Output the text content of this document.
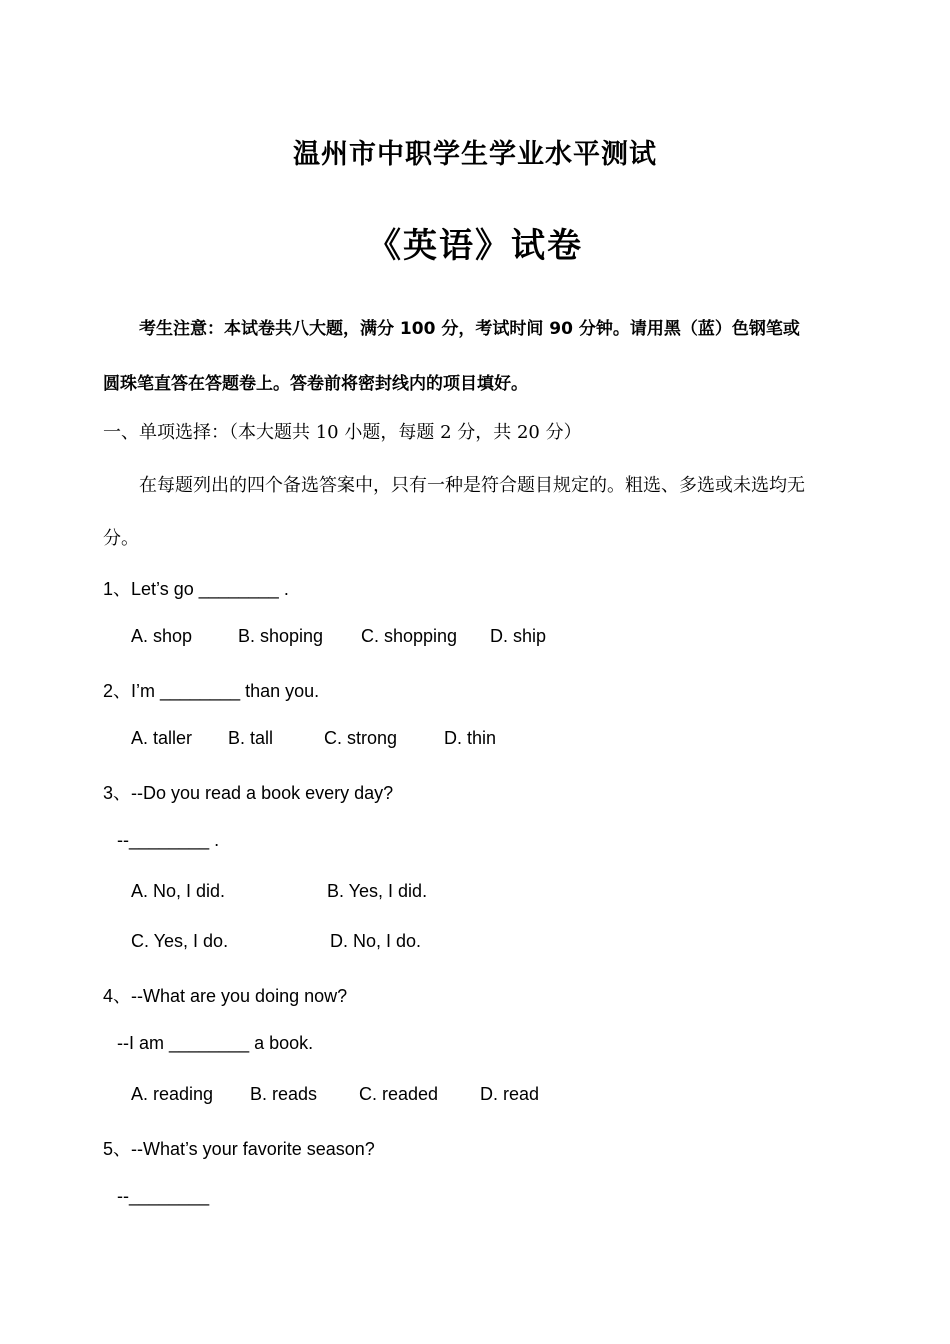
温州市中职学生学业水平测试
《英语》试卷
考生注意：本试卷共八大题，满分 100 分，考试时间 90 分钟。请用黑（蓝）色钢笔或
圆珠笔直答在答题卷上。答卷前将密封线内的项目填好。
一、单项选择：（本大题共 10 小题，每题 2 分，共 20 分）
在每题列出的四个备选答案中，只有一种是符合题目规定的。粗选、多选或未选均无
分。
1、Let’s go ________ .
A. shop	B. shoping C. shopping D. ship
2、I’m ________ than you.
A. taller B. tall	C. strong	D. thin
3、--Do you read a book every day?
--________ .
A. No, I did.	B. Yes, I did.
C. Yes, I do.	D. No, I do.
4、--What are you doing now?
--I am ________ a book.
A. reading B. reads C. readed D. read
5、--What’s your favorite season?
--________
